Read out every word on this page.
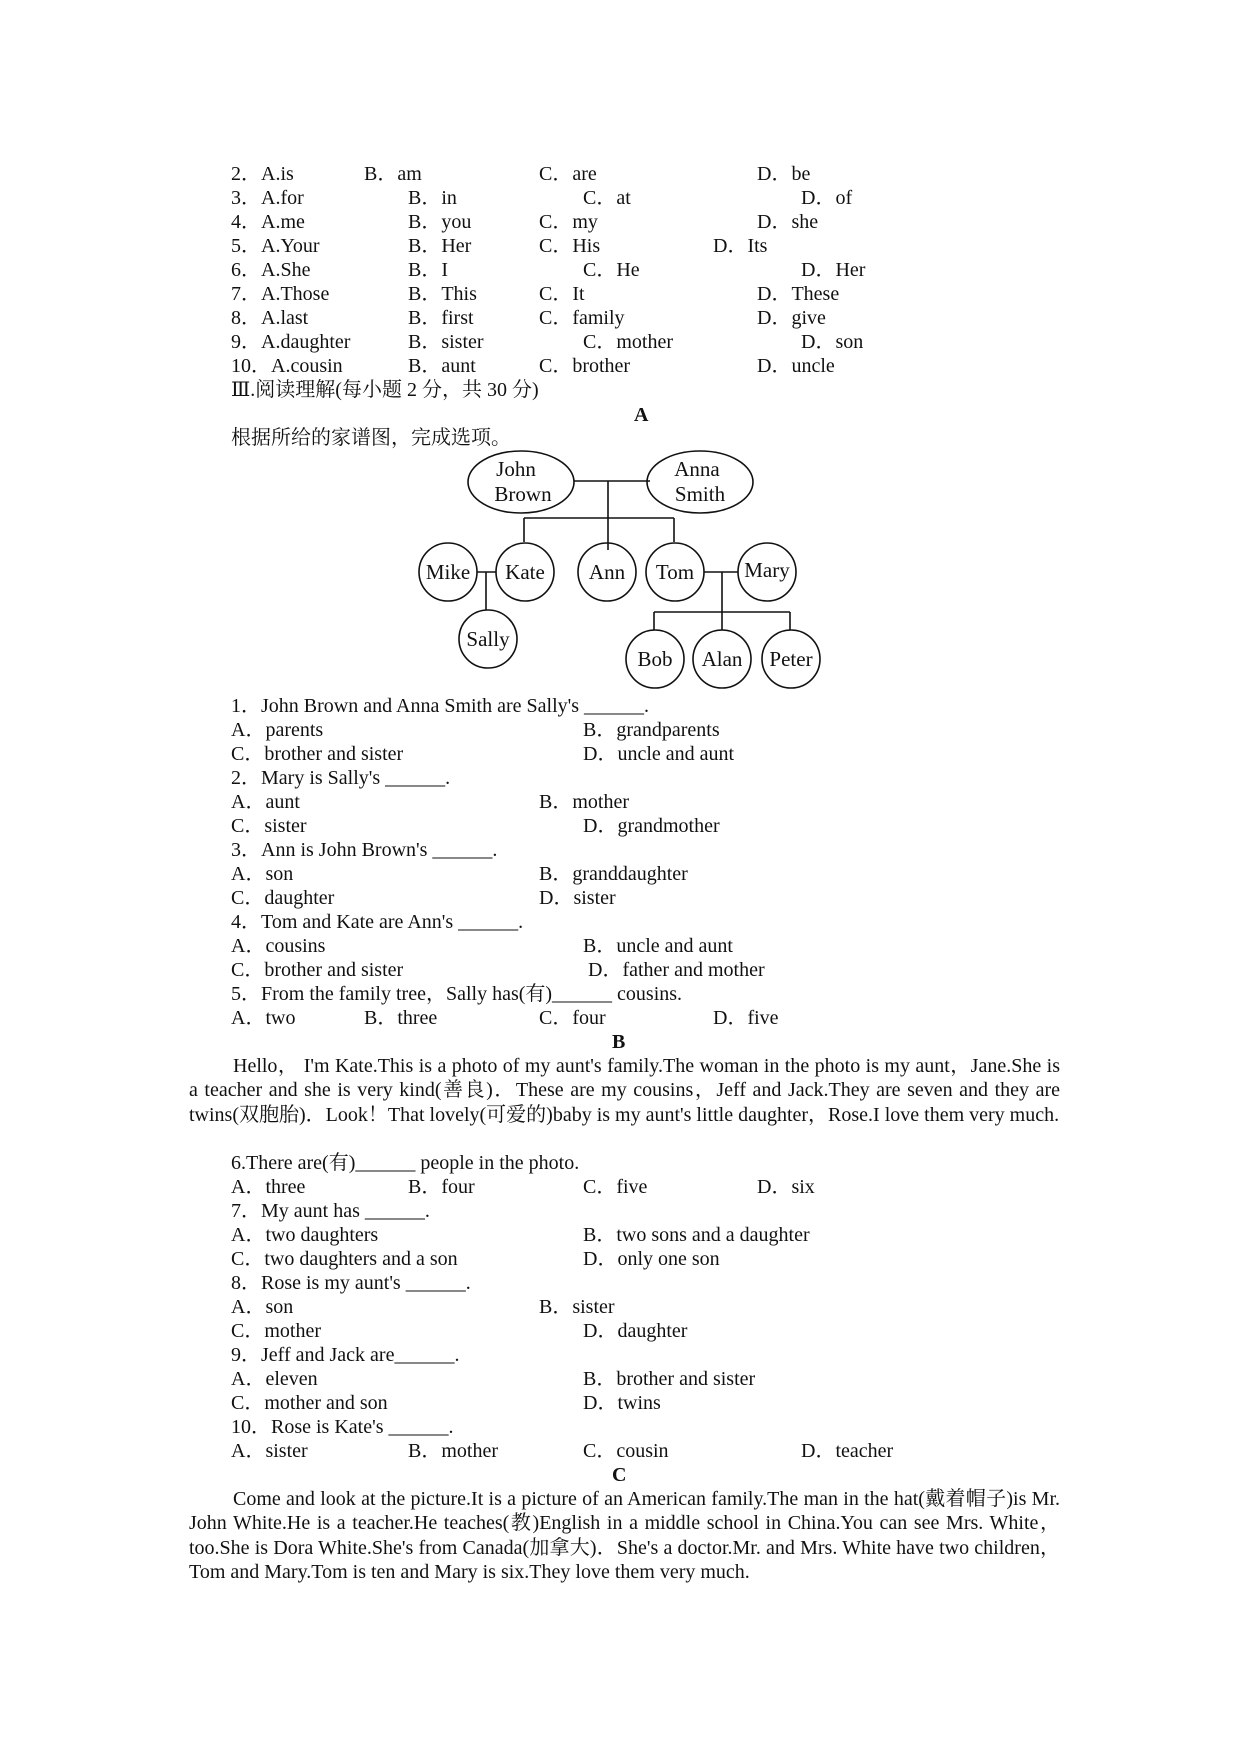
2．A.is	B．am	C．are	D．be
3．A.for	B．in	C．at	D．of
4．A.me	B．you	C．my	D．she
5．A.Your	B．Her	C．His	D．Its
6．A.She	B．I	C．He	D．Her
7．A.Those	B．This	C．It	D．These
8．A.last	B．first	C．family	D．give
9．A.daughter	B．sister	C．mother	D．son
10．A.cousin	B．aunt	C．brother	D．uncle
Ⅲ.阅读理解(每小题 2 分，共 30 分)
A
根据所给的家谱图，完成选项。
John
Brown
Anna
Smith
Mike Kate Ann Tom Mary
Sally
Bob Alan Peter
1．John Brown and Anna Smith are Sally's ______.
A．parents	B．grandparents
C．brother and sister	D．uncle and aunt
2．Mary is Sally's ______.
A．aunt	B．mother
C．sister	D．grandmother
3．Ann is John Brown's ______.
A．son	B．granddaughter
C．daughter	D．sister
4．Tom and Kate are Ann's ______.
A．cousins	B．uncle and aunt
C．brother and sister	D．father and mother
5．From the family tree，Sally has(有)______ cousins.
A．two	B．three	C．four	D．five
B
Hello， I'm Kate.This is a photo of my aunt's family.The woman in the photo is my aunt，Jane.She is a teacher and she is very kind(善良)．These are my cousins，Jeff and Jack.They are seven and they are twins(双胞胎)．Look！That lovely(可爱的)baby is my aunt's little daughter，Rose.I love them very much.
6.There are(有)______ people in the photo.
A．three	B．four	C．five	D．six
7．My aunt has ______.
A．two daughters	B．two sons and a daughter
C．two daughters and a son	D．only one son
8．Rose is my aunt's ______.
A．son	B．sister
C．mother	D．daughter
9．Jeff and Jack are______.
A．eleven	B．brother and sister
C．mother and son	D．twins
10．Rose is Kate's ______.
A．sister	B．mother	C．cousin	D．teacher
C
Come and look at the picture.It is a picture of an American family.The man in the hat(戴着帽子)is Mr. John White.He is a teacher.He teaches(教)English in a middle school in China.You can see Mrs. White，too.She is Dora White.She's from Canada(加拿大)．She's a doctor.Mr. and Mrs. White have two children，Tom and Mary.Tom is ten and Mary is six.They love them very much.
